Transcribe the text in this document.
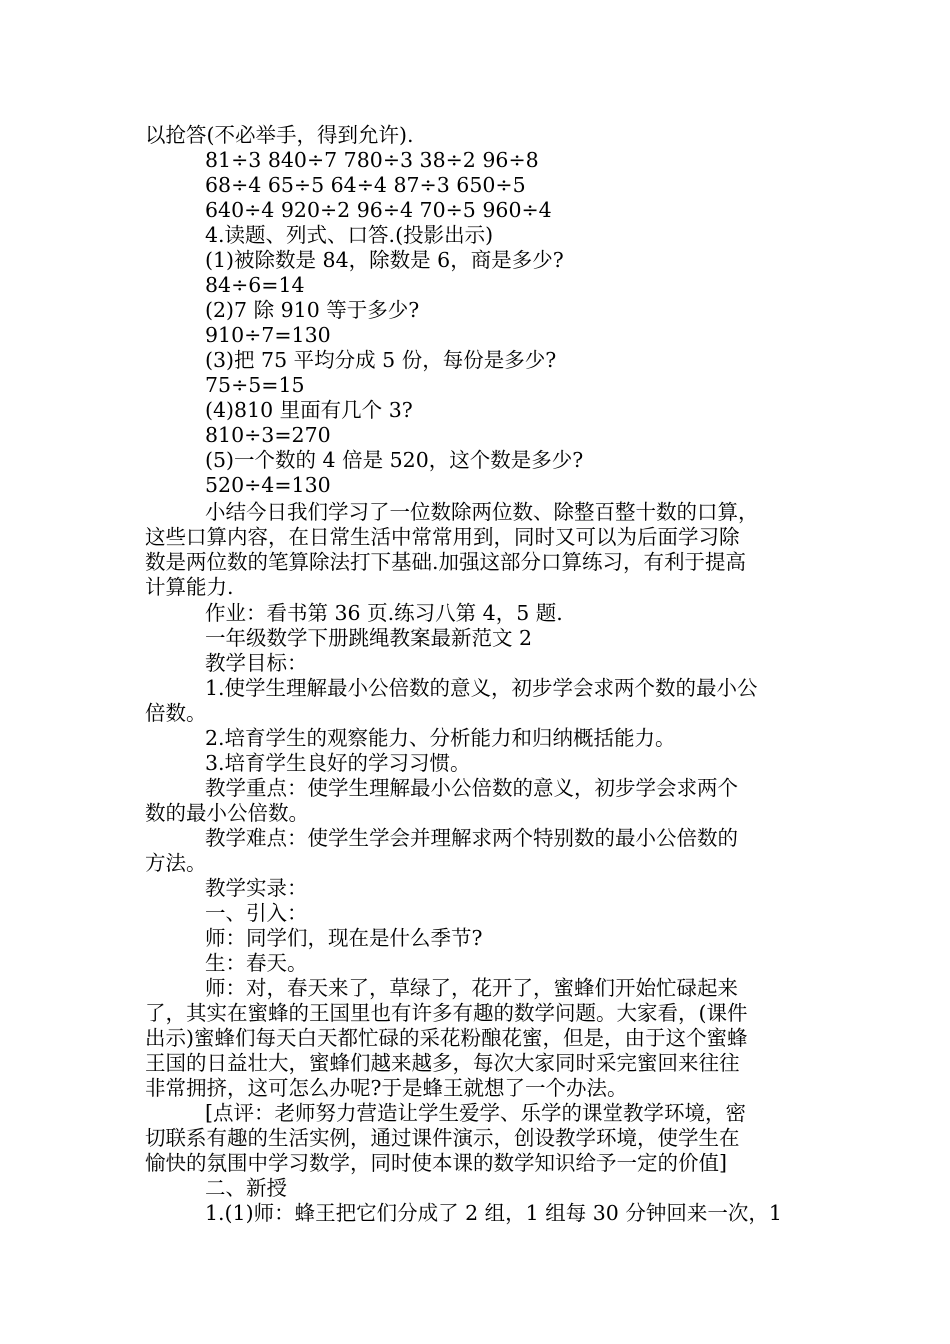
以抢答(不必举手，得到允许).
81÷3 840÷7 780÷3 38÷2 96÷8
68÷4 65÷5 64÷4 87÷3 650÷5
640÷4 920÷2 96÷4 70÷5 960÷4
4.读题、列式、口答.(投影出示)
(1)被除数是 84，除数是 6，商是多少?
84÷6=14
(2)7 除 910 等于多少?
910÷7=130
(3)把 75 平均分成 5 份，每份是多少?
75÷5=15
(4)810 里面有几个 3?
810÷3=270
(5)一个数的 4 倍是 520，这个数是多少?
520÷4=130
小结今日我们学习了一位数除两位数、除整百整十数的口算，
这些口算内容，在日常生活中常常用到，同时又可以为后面学习除
数是两位数的笔算除法打下基础.加强这部分口算练习，有利于提高
计算能力.
作业：看书第 36 页.练习八第 4，5 题.
一年级数学下册跳绳教案最新范文 2
教学目标：
1.使学生理解最小公倍数的意义，初步学会求两个数的最小公
倍数。
2.培育学生的观察能力、分析能力和归纳概括能力。
3.培育学生良好的学习习惯。
教学重点：使学生理解最小公倍数的意义，初步学会求两个
数的最小公倍数。
教学难点：使学生学会并理解求两个特别数的最小公倍数的
方法。
教学实录：
一、引入：
师：同学们，现在是什么季节?
生：春天。
师：对，春天来了，草绿了，花开了，蜜蜂们开始忙碌起来
了，其实在蜜蜂的王国里也有许多有趣的数学问题。大家看，(课件
出示)蜜蜂们每天白天都忙碌的采花粉酿花蜜，但是，由于这个蜜蜂
王国的日益壮大，蜜蜂们越来越多，每次大家同时采完蜜回来往往
非常拥挤，这可怎么办呢?于是蜂王就想了一个办法。
[点评：老师努力营造让学生爱学、乐学的课堂教学环境，密
切联系有趣的生活实例，通过课件演示，创设教学环境，使学生在
愉快的氛围中学习数学，同时使本课的数学知识给予一定的价值]
二、新授
1.(1)师：蜂王把它们分成了 2 组，1 组每 30 分钟回来一次，1
